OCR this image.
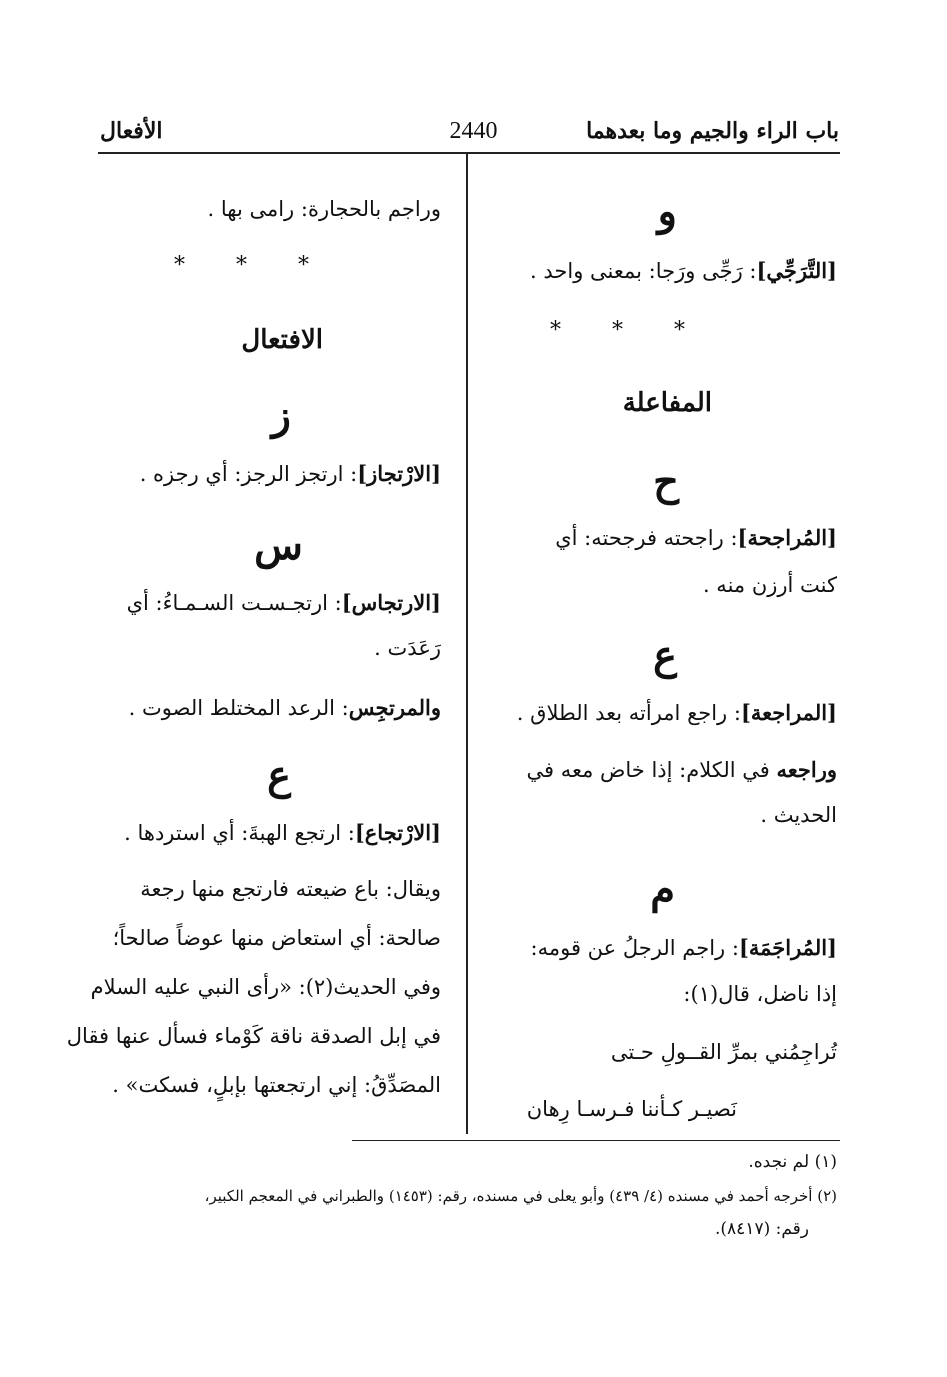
باب الراء والجيم وما بعدهما
2440
الأفعال
و
[التَّرَجِّي]: رَجِّى ورَجا: بمعنى واحد .
* * *
المفاعلة
ح
[المُراجحة]: راجحته فرجحته: أي
كنت أرزن منه .
ع
[المراجعة]: راجع امرأته بعد الطلاق .
وراجعه في الكلام: إذا خاض معه في
الحديث .
م
[المُراجَمَة]: راجم الرجلُ عن قومه:
إذا ناضل، قال(١):
تُراجِمُني بمرِّ القــولِ حـتى
نَصيـر كـأننا فـرسـا رِهان
وراجم بالحجارة: رامى بها .
* * *
الافتعال
ز
[الارْتجاز]: ارتجز الرجز: أي رجزه .
س
[الارتجاس]: ارتجـسـت السـمـاءُ: أي
رَعَدَت .
والمرتجِس: الرعد المختلط الصوت .
ع
[الارْتجاع]: ارتجع الهبةَ: أي استردها .
ويقال: باع ضيعته فارتجع منها رجعة
صالحة: أي استعاض منها عوضاً صالحاً؛
وفي الحديث(٢): «رأى النبي عليه السلام
في إبل الصدقة ناقة كَوْماء فسأل عنها فقال
المصَدِّقُ: إني ارتجعتها بإبلٍ، فسكت» .
(١) لم نجده.
(٢) أخرجه أحمد في مسنده (٤/ ٤٣٩) وأبو يعلى في مسنده، رقم: (١٤٥٣) والطبراني في المعجم الكبير،
رقم: (٨٤١٧).
